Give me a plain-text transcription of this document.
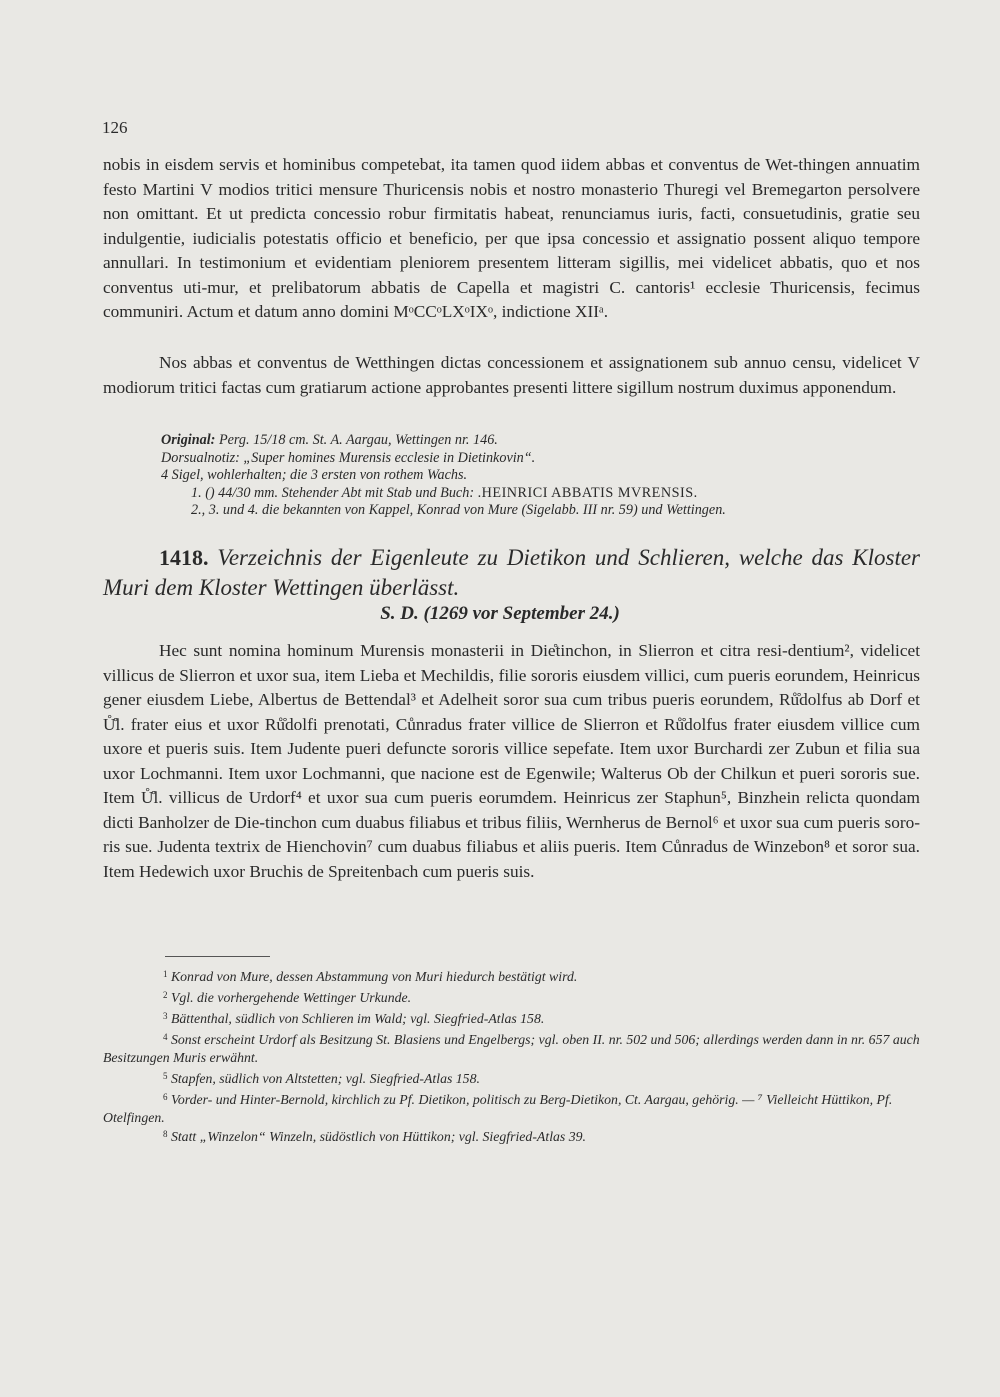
126

nobis in eisdem servis et hominibus competebat, ita tamen quod iidem abbas et conventus de Wet-thingen annuatim festo Martini V modios tritici mensure Thuricensis nobis et nostro monasterio Thuregi vel Bremegarton persolvere non omittant. Et ut predicta concessio robur firmitatis habeat, renunciamus iuris, facti, consuetudinis, gratie seu indulgentie, iudicialis potestatis officio et beneficio, per que ipsa concessio et assignatio possent aliquo tempore annullari. In testimonium et evidentiam pleniorem presentem litteram sigillis, mei videlicet abbatis, quo et nos conventus uti-mur, et prelibatorum abbatis de Capella et magistri C. cantoris¹ ecclesie Thuricensis, fecimus communiri. Actum et datum anno domini MᵒCCᵒLXᵒIXᵒ, indictione XIIᵃ.

Nos abbas et conventus de Wetthingen dictas concessionem et assignationem sub annuo censu, videlicet V modiorum tritici factas cum gratiarum actione approbantes presenti littere sigillum nostrum duximus apponendum.

Original: Perg. 15/18 cm. St. A. Aargau, Wettingen nr. 146.

Dorsualnotiz: „Super homines Murensis ecclesie in Dietinkovin“.

4 Sigel, wohlerhalten; die 3 ersten von rothem Wachs.

1. () 44/30 mm. Stehender Abt mit Stab und Buch: .HEINRICI ABBATIS MVRENSIS.

2., 3. und 4. die bekannten von Kappel, Konrad von Mure (Sigelabb. III nr. 59) und Wettingen.

1418. Verzeichnis der Eigenleute zu Dietikon und Schlieren, welche das Kloster Muri dem Kloster Wettingen überlässt.

S. D. (1269 vor September 24.)

Hec sunt nomina hominum Murensis monasterii in Die̊tinchon, in Slierron et citra resi-dentium², videlicet villicus de Slierron et uxor sua, item Lieba et Mechildis, filie sororis eiusdem villici, cum pueris eorundem, Heinricus gener eiusdem Liebe, Albertus de Bettendal³ et Adelheit soror sua cum tribus pueris eorundem, Rů̊dolfus ab Dorf et Ů̊l. frater eius et uxor Rů̊dolfi prenotati, Cůnradus frater villice de Slierron et Rů̊dolfus frater eiusdem villice cum uxore et pueris suis. Item Judente pueri defuncte sororis villice sepefate. Item uxor Burchardi zer Zubun et filia sua uxor Lochmanni. Item uxor Lochmanni, que nacione est de Egenwile; Walterus Ob der Chilkun et pueri sororis sue. Item Ů̊l. villicus de Urdorf⁴ et uxor sua cum pueris eorumdem. Heinricus zer Staphun⁵, Binzhein relicta quondam dicti Banholzer de Die-tinchon cum duabus filiabus et tribus filiis, Wernherus de Bernol⁶ et uxor sua cum pueris soro-ris sue. Judenta textrix de Hienchovin⁷ cum duabus filiabus et aliis pueris. Item Cůnradus de Winzebon⁸ et soror sua. Item Hedewich uxor Bruchis de Spreitenbach cum pueris suis.

$^1$ Konrad von Mure, dessen Abstammung von Muri hiedurch bestätigt wird.

$^2$ Vgl. die vorhergehende Wettinger Urkunde.

$^3$ Bättenthal, südlich von Schlieren im Wald; vgl. Siegfried-Atlas 158.

$^4$ Sonst erscheint Urdorf als Besitzung St. Blasiens und Engelbergs; vgl. oben II. nr. 502 und 506; allerdings werden dann in nr. 657 auch Besitzungen Muris erwähnt.

$^5$ Stapfen, südlich von Altstetten; vgl. Siegfried-Atlas 158.

$^6$ Vorder- und Hinter-Bernold, kirchlich zu Pf. Dietikon, politisch zu Berg-Dietikon, Ct. Aargau, gehörig. — ⁷ Vielleicht Hüttikon, Pf. Otelfingen.

$^8$ Statt „Winzelon“ Winzeln, südöstlich von Hüttikon; vgl. Siegfried-Atlas 39.
